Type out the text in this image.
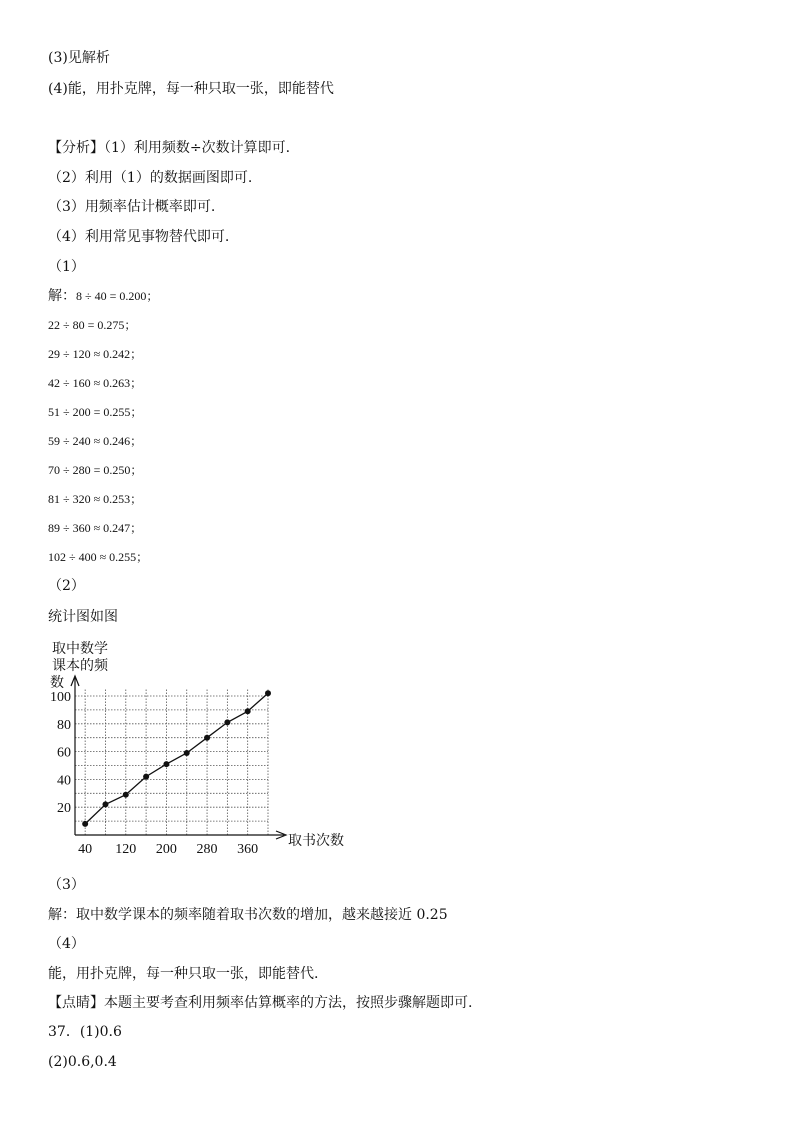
(3)见解析
(4)能，用扑克牌，每一种只取一张，即能替代
【分析】（1）利用频数÷次数计算即可.
（2）利用（1）的数据画图即可.
（3）用频率估计概率即可.
（4）利用常见事物替代即可.
（1）
解：8 ÷ 40 = 0.200；
22 ÷ 80 = 0.275；
29 ÷ 120 ≈ 0.242；
42 ÷ 160 ≈ 0.263；
51 ÷ 200 = 0.255；
59 ÷ 240 ≈ 0.246；
70 ÷ 280 = 0.250；
81 ÷ 320 ≈ 0.253；
89 ÷ 360 ≈ 0.247；
102 ÷ 400 ≈ 0.255；
（2）
统计图如图
取中数学
课本的频
数
取书次数
20
40
60
80
100
40 120 200 280 360
（3）
解：取中数学课本的频率随着取书次数的增加，越来越接近 0.25
（4）
能，用扑克牌，每一种只取一张，即能替代.
【点睛】本题主要考查利用频率估算概率的方法，按照步骤解题即可.
37．(1)0.6
(2)0.6,0.4
